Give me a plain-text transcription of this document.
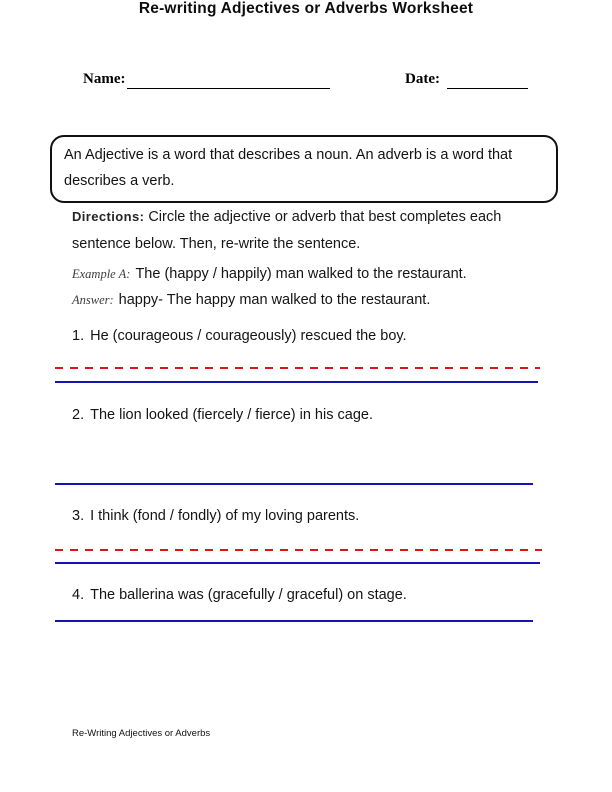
Name:	Date:
Re-writing Adjectives or Adverbs Worksheet
An Adjective is a word that describes a noun. An adverb is a word that describes a verb.
Directions: Circle the adjective or adverb that best completes each sentence below. Then, re-write the sentence.
Example A: The (happy / happily) man walked to the restaurant.
Answer: happy- The happy man walked to the restaurant.
1. He (courageous / courageously) rescued the boy.
2. The lion looked (fiercely / fierce) in his cage.
3. I think (fond / fondly) of my loving parents.
4. The ballerina was (gracefully / graceful) on stage.
Re-Writing Adjectives or Adverbs
